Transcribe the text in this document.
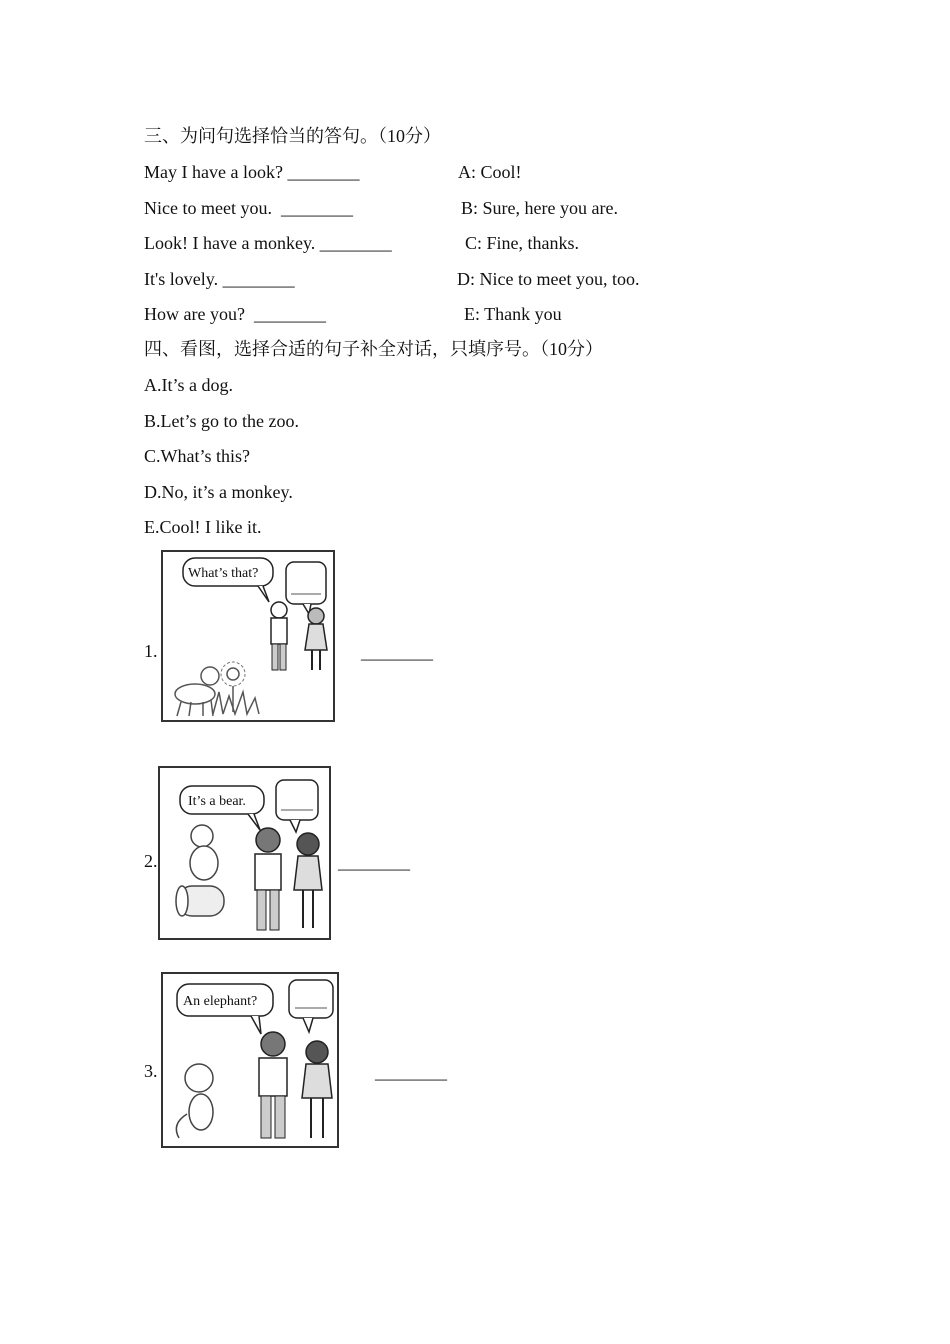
三、为问句选择恰当的答句。（10分）
May I have a look? ________
Nice to meet you.  ________
Look! I have a monkey. ________
It's lovely. ________
How are you?  ________
A: Cool!
B: Sure, here you are.
C: Fine, thanks.
D: Nice to meet you, too.
E: Thank you
四、看图，选择合适的句子补全对话，只填序号。（10分）
A.It’s a dog.
B.Let’s go to the zoo.
C.What’s this?
D.No, it’s a monkey.
E.Cool! I like it.
1.
What’s that?
________
2.
It’s a bear.
________
3.
An elephant?
________
